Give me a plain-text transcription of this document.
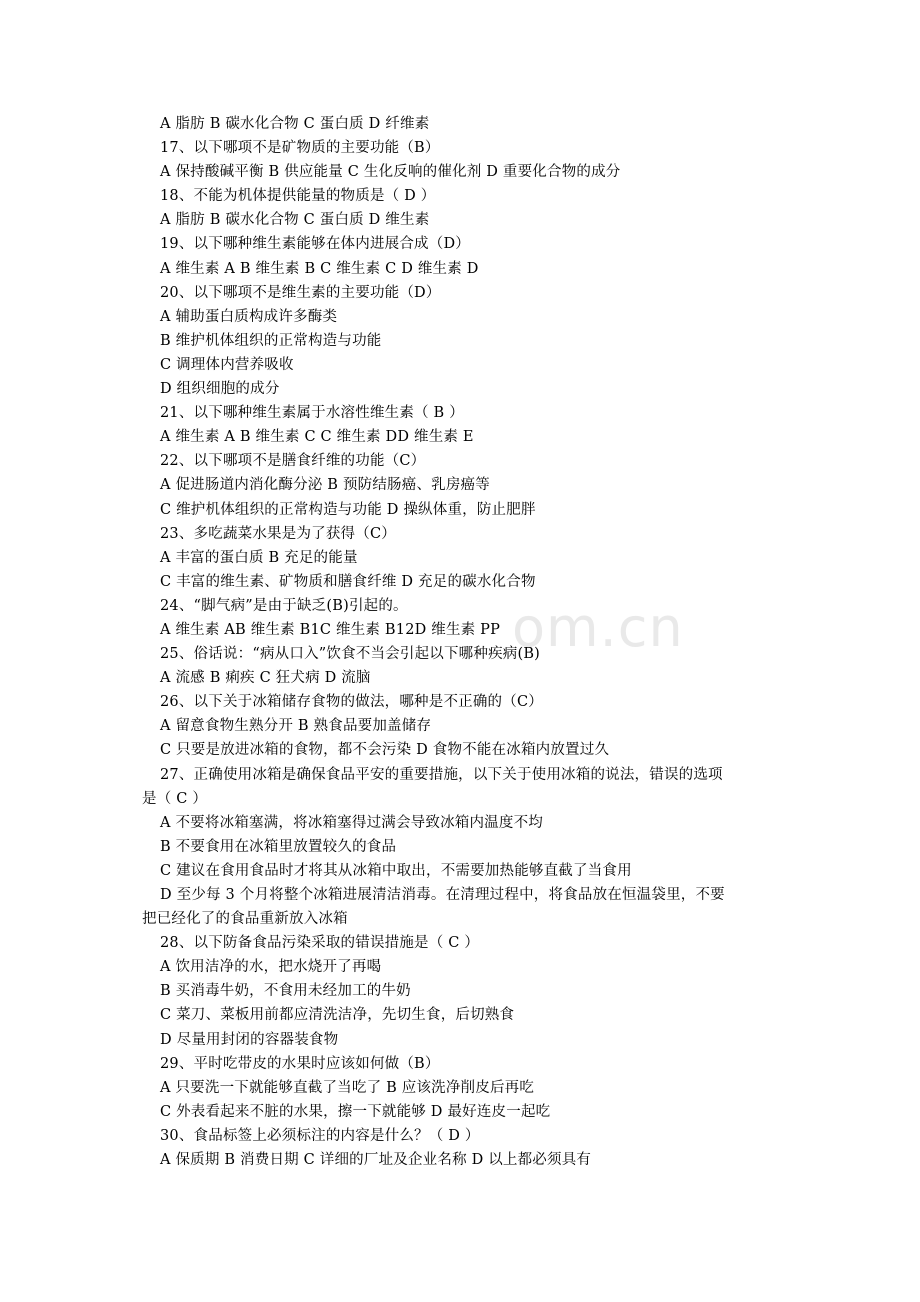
A 脂肪 B 碳水化合物 C 蛋白质 D 纤维素
17、以下哪项不是矿物质的主要功能（B）
A 保持酸碱平衡 B 供应能量 C 生化反响的催化剂 D 重要化合物的成分
18、不能为机体提供能量的物质是（ D ）
A 脂肪 B 碳水化合物 C 蛋白质 D 维生素
19、以下哪种维生素能够在体内进展合成（D）
A 维生素 A B 维生素 B C 维生素 C D 维生素 D
20、以下哪项不是维生素的主要功能（D）
A 辅助蛋白质构成许多酶类
B 维护机体组织的正常构造与功能
C 调理体内营养吸收
D 组织细胞的成分
21、以下哪种维生素属于水溶性维生素（ B ）
A 维生素 A B 维生素 C C 维生素 DD 维生素 E
22、以下哪项不是膳食纤维的功能（C）
A 促进肠道内消化酶分泌 B 预防结肠癌、乳房癌等
C 维护机体组织的正常构造与功能 D 操纵体重，防止肥胖
23、多吃蔬菜水果是为了获得（C）
A 丰富的蛋白质 B 充足的能量
C 丰富的维生素、矿物质和膳食纤维 D 充足的碳水化合物
24、“脚气病”是由于缺乏(B)引起的。
A 维生素 AB 维生素 B1C 维生素 B12D 维生素 PP
25、俗话说：“病从口入”饮食不当会引起以下哪种疾病(B)
A 流感 B 痢疾 C 狂犬病 D 流脑
26、以下关于冰箱储存食物的做法，哪种是不正确的（C）
A 留意食物生熟分开 B 熟食品要加盖储存
C 只要是放进冰箱的食物，都不会污染 D 食物不能在冰箱内放置过久
27、正确使用冰箱是确保食品平安的重要措施，以下关于使用冰箱的说法，错误的选项
是（ C ）
A 不要将冰箱塞满，将冰箱塞得过满会导致冰箱内温度不均
B 不要食用在冰箱里放置较久的食品
C 建议在食用食品时才将其从冰箱中取出，不需要加热能够直截了当食用
D 至少每 3 个月将整个冰箱进展清洁消毒。在清理过程中，将食品放在恒温袋里，不要
把已经化了的食品重新放入冰箱
28、以下防备食品污染采取的错误措施是（ C ）
A 饮用洁净的水，把水烧开了再喝
B 买消毒牛奶，不食用未经加工的牛奶
C 菜刀、菜板用前都应清洗洁净，先切生食，后切熟食
D 尽量用封闭的容器装食物
29、平时吃带皮的水果时应该如何做（B）
A 只要洗一下就能够直截了当吃了 B 应该洗净削皮后再吃
C 外表看起来不脏的水果，擦一下就能够 D 最好连皮一起吃
30、食品标签上必须标注的内容是什么？（ D ）
A 保质期 B 消费日期 C 详细的厂址及企业名称 D 以上都必须具有
om.cn
